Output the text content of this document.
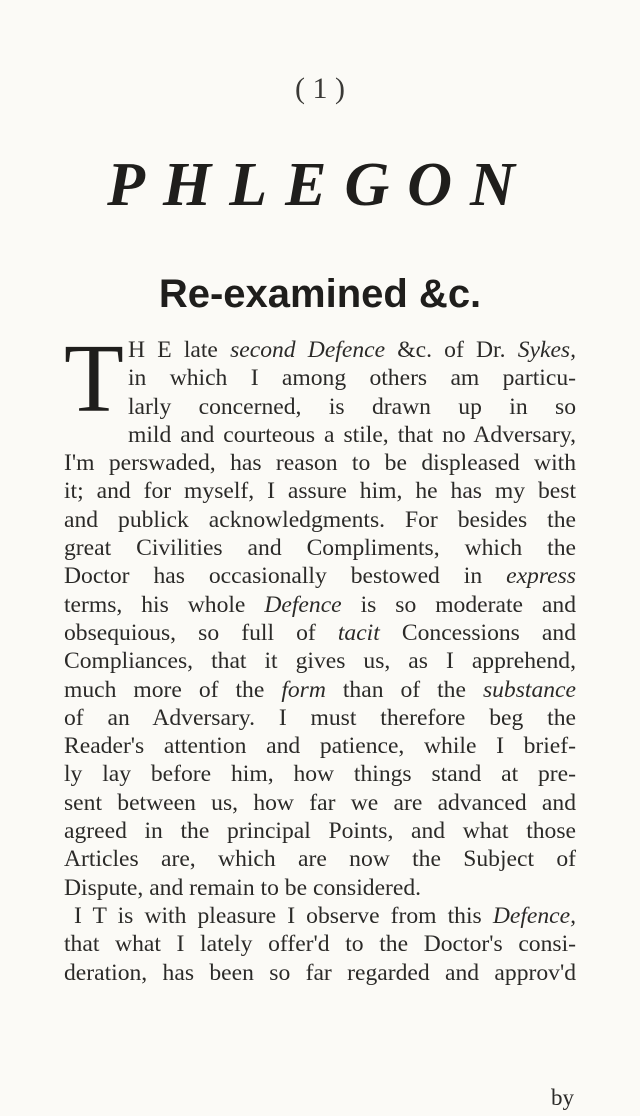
( 1 )
PHLEGON
Re-examined &c.
T H E late second Defence &c. of Dr. Sykes,
in which I among others am particu-
larly concerned, is drawn up in so
mild and courteous a stile, that no Adversary,
I'm perswaded, has reason to be displeased with
it; and for myself, I assure him, he has my best
and publick acknowledgments. For besides the
great Civilities and Compliments, which the
Doctor has occasionally bestowed in express
terms, his whole Defence is so moderate and
obsequious, so full of tacit Concessions and
Compliances, that it gives us, as I apprehend,
much more of the form than of the substance
of an Adversary. I must therefore beg the
Reader's attention and patience, while I brief-
ly lay before him, how things stand at pre-
sent between us, how far we are advanced and
agreed in the principal Points, and what those
Articles are, which are now the Subject of
Dispute, and remain to be considered.
I T is with pleasure I observe from this Defence,
that what I lately offer'd to the Doctor's consi-
deration, has been so far regarded and approv'd
by
